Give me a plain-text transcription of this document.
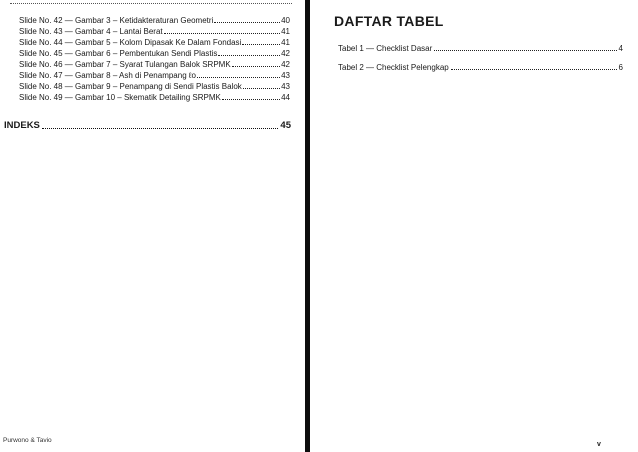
Slide No. 42 — Gambar 3 – Ketidakteraturan Geometri	40
Slide No. 43 — Gambar 4 – Lantai Berat	41
Slide No. 44 — Gambar 5 – Kolom Dipasak Ke Dalam Fondasi	41
Slide No. 45 — Gambar 6 – Pembentukan Sendi Plastis	42
Slide No. 46 — Gambar 7 – Syarat Tulangan Balok SRPMK	42
Slide No. 47 — Gambar 8 – Ash di Penampang ℓo	43
Slide No. 48 — Gambar 9 – Penampang di Sendi Plastis Balok	43
Slide No. 49 — Gambar 10 – Skematik Detailing SRPMK	44
INDEKS	45
Purwono & Tavio
DAFTAR TABEL
Tabel 1 — Checklist Dasar	4
Tabel 2 — Checklist Pelengkap	6
v
